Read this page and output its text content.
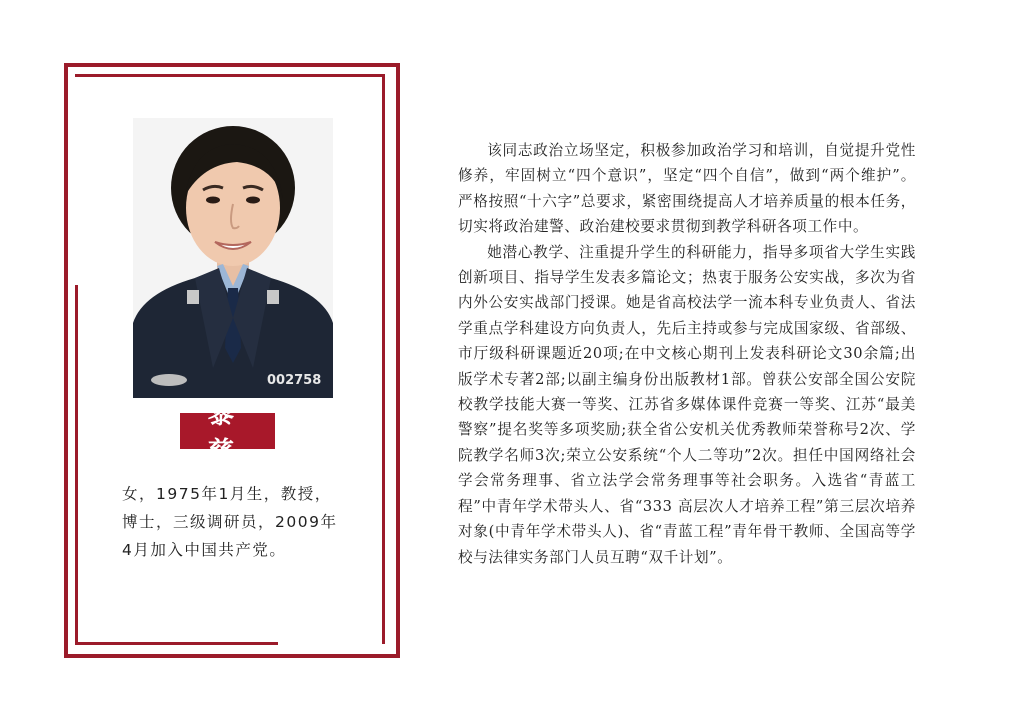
002758
黎 慈
女，1975年1月生，教授，博士，三级调研员，2009年4月加入中国共产党。

该同志政治立场坚定，积极参加政治学习和培训，自觉提升党性修养，牢固树立“四个意识”，坚定“四个自信”，做到“两个维护”。严格按照“十六字”总要求，紧密围绕提高人才培养质量的根本任务，切实将政治建警、政治建校要求贯彻到教学科研各项工作中。

她潜心教学、注重提升学生的科研能力，指导多项省大学生实践创新项目、指导学生发表多篇论文；热衷于服务公安实战，多次为省内外公安实战部门授课。她是省高校法学一流本科专业负责人、省法学重点学科建设方向负责人，先后主持或参与完成国家级、省部级、市厅级科研课题近20项;在中文核心期刊上发表科研论文30余篇;出版学术专著2部;以副主编身份出版教材1部。曾获公安部全国公安院校教学技能大赛一等奖、江苏省多媒体课件竞赛一等奖、江苏“最美警察”提名奖等多项奖励;获全省公安机关优秀教师荣誉称号2次、学院教学名师3次;荣立公安系统“个人二等功”2次。担任中国网络社会学会常务理事、省立法学会常务理事等社会职务。入选省“青蓝工程”中青年学术带头人、省“333 高层次人才培养工程”第三层次培养对象(中青年学术带头人)、省“青蓝工程”青年骨干教师、全国高等学校与法律实务部门人员互聘“双千计划”。
